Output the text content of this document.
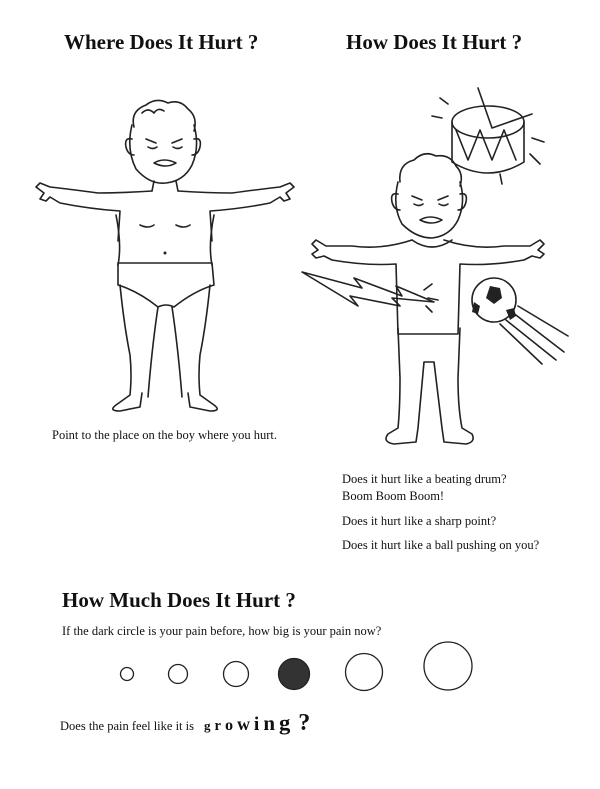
Where Does It Hurt ?	How Does It Hurt ?
Point to the place on the boy where you hurt.
Does it hurt like a beating drum?
Boom Boom Boom!
Does it hurt like a sharp point?
Does it hurt like a ball pushing on you?
How Much Does It Hurt ?
If the dark circle is your pain before, how big is your pain now?
Does the pain feel like it is g r o w i n g ?
